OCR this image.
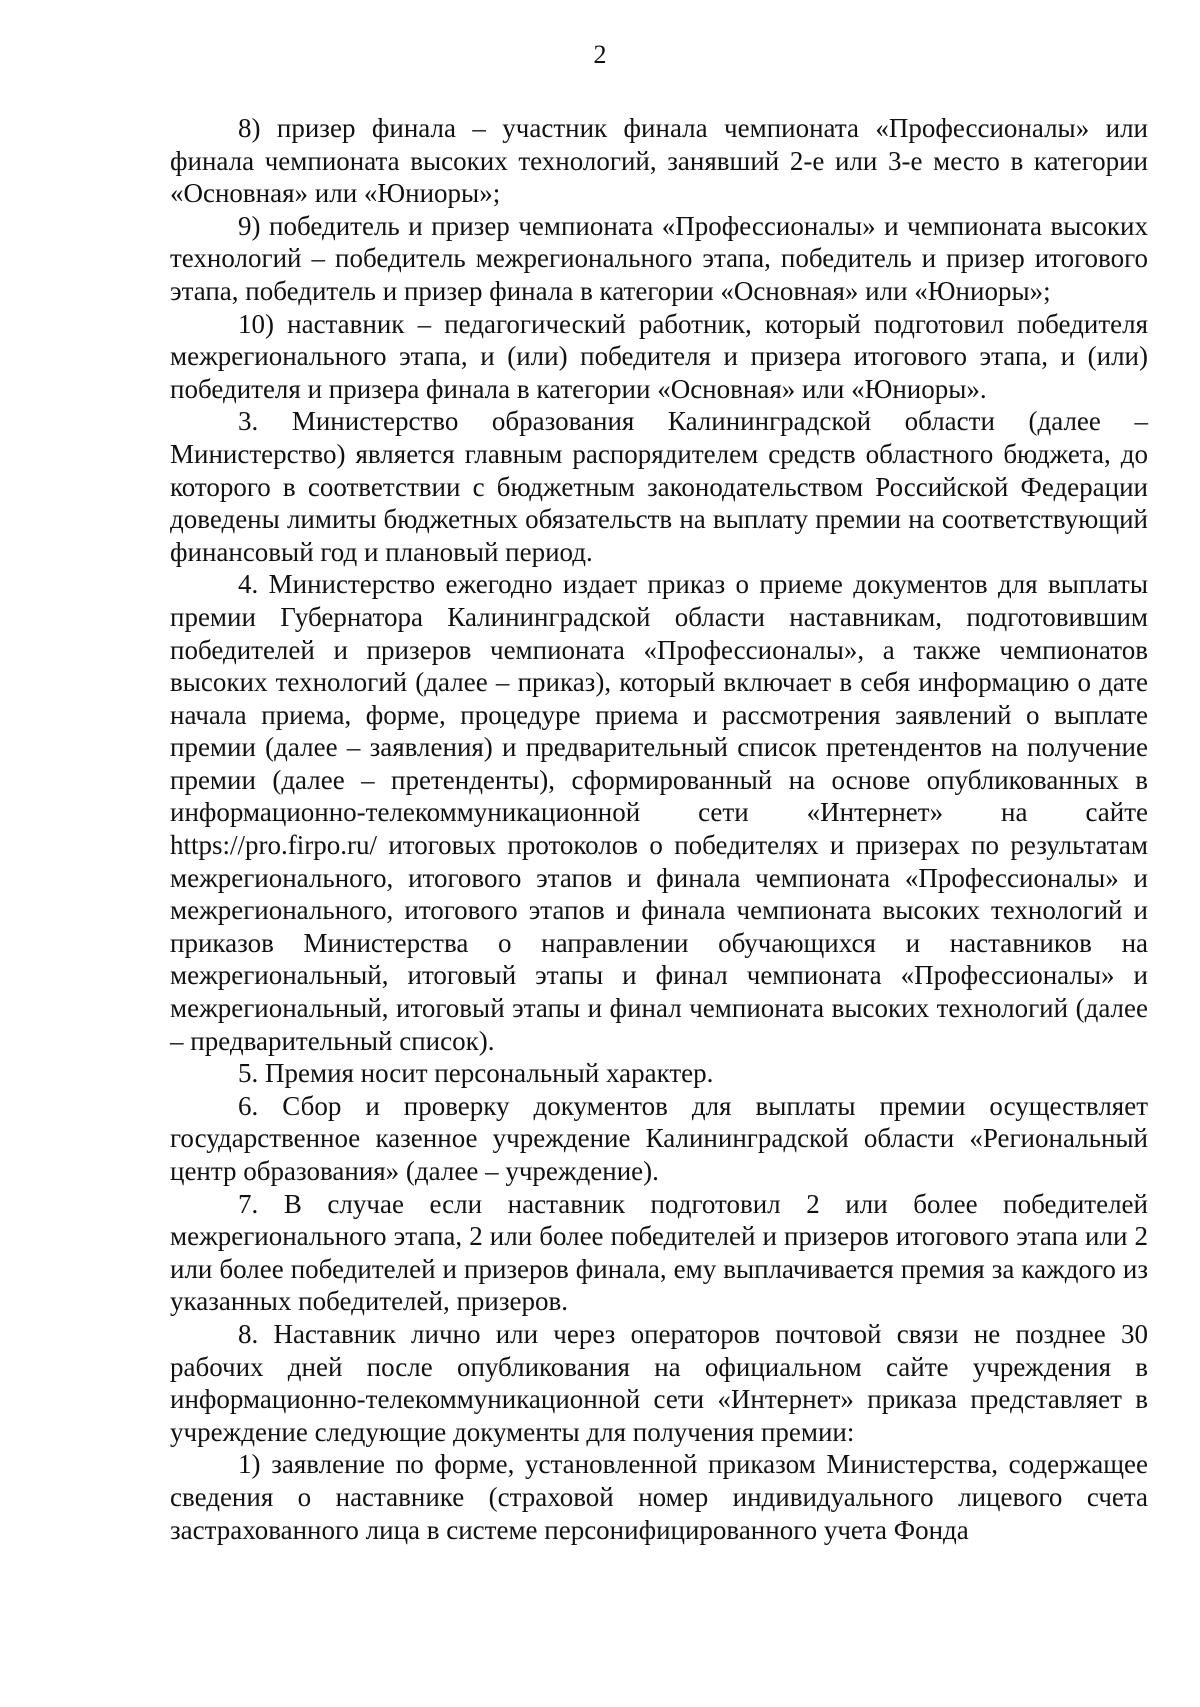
2

8) призер финала – участник финала чемпионата «Профессионалы» или финала чемпионата высоких технологий, занявший 2-е или 3-е место в категории «Основная» или «Юниоры»;

9) победитель и призер чемпионата «Профессионалы» и чемпионата высоких технологий – победитель межрегионального этапа, победитель и призер итогового этапа, победитель и призер финала в категории «Основная» или «Юниоры»;

10) наставник – педагогический работник, который подготовил победителя межрегионального этапа, и (или) победителя и призера итогового этапа, и (или) победителя и призера финала в категории «Основная» или «Юниоры».

3. Министерство образования Калининградской области (далее – Министерство) является главным распорядителем средств областного бюджета, до которого в соответствии с бюджетным законодательством Российской Федерации доведены лимиты бюджетных обязательств на выплату премии на соответствующий финансовый год и плановый период.

4. Министерство ежегодно издает приказ о приеме документов для выплаты премии Губернатора Калининградской области наставникам, подготовившим победителей и призеров чемпионата «Профессионалы», а также чемпионатов высоких технологий (далее – приказ), который включает в себя информацию о дате начала приема, форме, процедуре приема и рассмотрения заявлений о выплате премии (далее – заявления) и предварительный список претендентов на получение премии (далее – претенденты), сформированный на основе опубликованных в информационно-телекоммуникационной сети «Интернет» на сайте https://pro.firpo.ru/ итоговых протоколов о победителях и призерах по результатам межрегионального, итогового этапов и финала чемпионата «Профессионалы» и межрегионального, итогового этапов и финала чемпионата высоких технологий и приказов Министерства о направлении обучающихся и наставников на межрегиональный, итоговый этапы и финал чемпионата «Профессионалы» и межрегиональный, итоговый этапы и финал чемпионата высоких технологий (далее – предварительный список).

5. Премия носит персональный характер.

6. Сбор и проверку документов для выплаты премии осуществляет государственное казенное учреждение Калининградской области «Региональный центр образования» (далее – учреждение).

7. В случае если наставник подготовил 2 или более победителей межрегионального этапа, 2 или более победителей и призеров итогового этапа или 2 или более победителей и призеров финала, ему выплачивается премия за каждого из указанных победителей, призеров.

8. Наставник лично или через операторов почтовой связи не позднее 30 рабочих дней после опубликования на официальном сайте учреждения в информационно-телекоммуникационной сети «Интернет» приказа представляет в учреждение следующие документы для получения премии:

1) заявление по форме, установленной приказом Министерства, содержащее сведения о наставнике (страховой номер индивидуального лицевого счета застрахованного лица в системе персонифицированного учета Фонда
